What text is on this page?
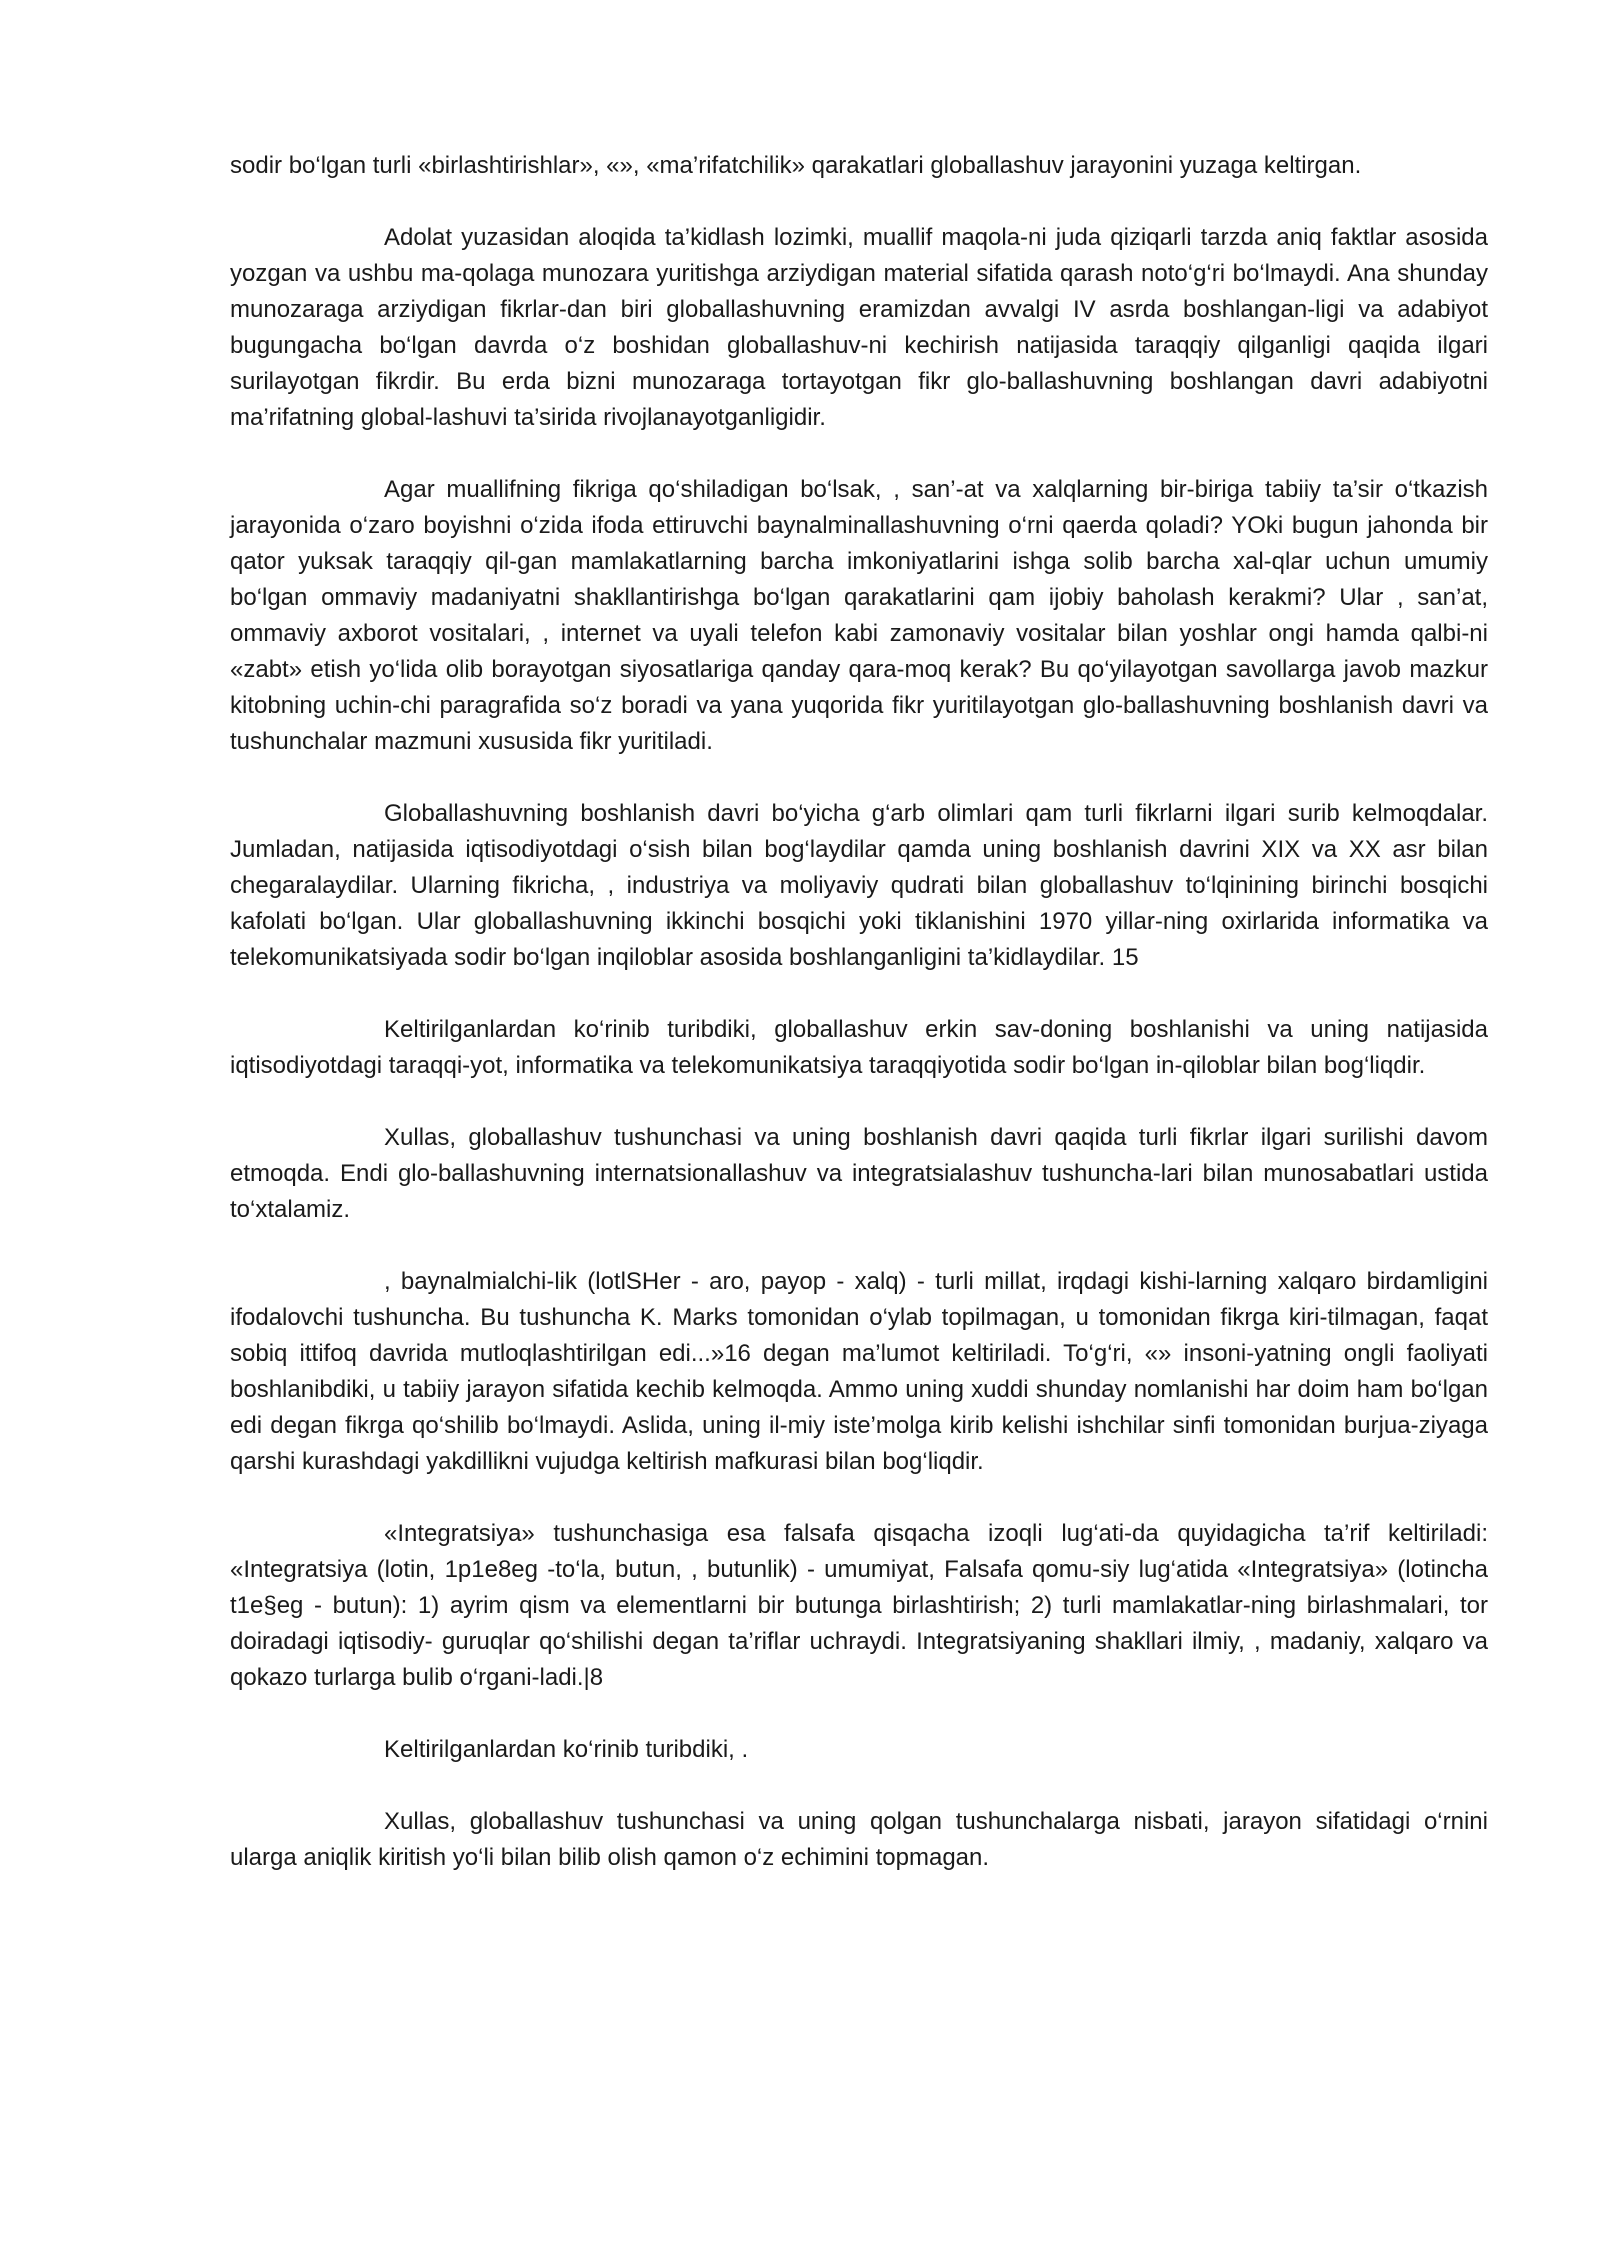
sodir bo‘lgan turli «birlashtirishlar», «», «ma’rifatchilik» qarakatlari globallashuv jarayonini yuzaga keltirgan.

Adolat yuzasidan aloqida ta’kidlash lozimki, muallif maqola-ni juda qiziqarli tarzda aniq faktlar asosida yozgan va ushbu ma-qolaga munozara yuritishga arziydigan material sifatida qarash noto‘g‘ri bo‘lmaydi. Ana shunday munozaraga arziydigan fikrlar-dan biri globallashuvning eramizdan avvalgi IV asrda boshlangan-ligi va adabiyot bugungacha bo‘lgan davrda o‘z boshidan globallashuv-ni kechirish natijasida taraqqiy qilganligi qaqida ilgari surilayotgan fikrdir. Bu erda bizni munozaraga tortayotgan fikr glo-ballashuvning boshlangan davri adabiyotni ma’rifatning global-lashuvi ta’sirida rivojlanayotganligidir.

Agar muallifning fikriga qo‘shiladigan bo‘lsak, , san’-at va xalqlarning bir-biriga tabiiy ta’sir o‘tkazish jarayonida o‘zaro boyishni o‘zida ifoda ettiruvchi baynalminallashuvning o‘rni qaerda qoladi? YOki bugun jahonda bir qator yuksak taraqqiy qil-gan mamlakatlarning barcha imkoniyatlarini ishga solib barcha xal-qlar uchun umumiy bo‘lgan ommaviy madaniyatni shakllantirishga bo‘lgan qarakatlarini qam ijobiy baholash kerakmi? Ular , san’at, ommaviy axborot vositalari, , internet va uyali telefon kabi zamonaviy vositalar bilan yoshlar ongi hamda qalbi-ni «zabt» etish yo‘lida olib borayotgan siyosatlariga qanday qara-moq kerak? Bu qo‘yilayotgan savollarga javob mazkur kitobning uchin-chi paragrafida so‘z boradi va yana yuqorida fikr yuritilayotgan glo-ballashuvning boshlanish davri va tushunchalar mazmuni xususida fikr yuritiladi.

Globallashuvning boshlanish davri bo‘yicha g‘arb olimlari qam turli fikrlarni ilgari surib kelmoqdalar. Jumladan, natijasida iqtisodiyotdagi o‘sish bilan bog‘laydilar qamda uning boshlanish davrini XIX va XX asr bilan chegaralaydilar. Ularning fikricha, , industriya va moliyaviy qudrati bilan globallashuv to‘lqinining birinchi bosqichi kafolati bo‘lgan. Ular globallashuvning ikkinchi bosqichi yoki tiklanishini 1970 yillar-ning oxirlarida informatika va telekomunikatsiyada sodir bo‘lgan inqiloblar asosida boshlanganligini ta’kidlaydilar. 15

Keltirilganlardan ko‘rinib turibdiki, globallashuv erkin sav-doning boshlanishi va uning natijasida iqtisodiyotdagi taraqqi-yot, informatika va telekomunikatsiya taraqqiyotida sodir bo‘lgan in-qiloblar bilan bog‘liqdir.

Xullas, globallashuv tushunchasi va uning boshlanish davri qaqida turli fikrlar ilgari surilishi davom etmoqda. Endi glo-ballashuvning internatsionallashuv va integratsialashuv tushuncha-lari bilan munosabatlari ustida to‘xtalamiz.

, baynalmialchi-lik (lotlSHer - aro, payop - xalq) - turli millat, irqdagi kishi-larning xalqaro birdamligini ifodalovchi tushuncha. Bu tushuncha K. Marks tomonidan o‘ylab topilmagan, u tomonidan fikrga kiri-tilmagan, faqat sobiq ittifoq davrida mutloqlashtirilgan edi...»16 degan ma’lumot keltiriladi. To‘g‘ri, «» insoni-yatning ongli faoliyati boshlanibdiki, u tabiiy jarayon sifatida kechib kelmoqda. Ammo uning xuddi shunday nomlanishi har doim ham bo‘lgan edi degan fikrga qo‘shilib bo‘lmaydi. Aslida, uning il-miy iste’molga kirib kelishi ishchilar sinfi tomonidan burjua-ziyaga qarshi kurashdagi yakdillikni vujudga keltirish mafkurasi bilan bog‘liqdir.

«Integratsiya» tushunchasiga esa falsafa qisqacha izoqli lug‘ati-da quyidagicha ta’rif keltiriladi: «Integratsiya (lotin, 1p1e8eg -to‘la, butun, , butunlik) - umumiyat, Falsafa qomu-siy lug‘atida «Integratsiya» (lotincha t1e§eg - butun): 1) ayrim qism va elementlarni bir butunga birlashtirish; 2) turli mamlakatlar-ning birlashmalari, tor doiradagi iqtisodiy- guruqlar qo‘shilishi degan ta’riflar uchraydi. Integratsiyaning shakllari ilmiy, , madaniy, xalqaro va qokazo turlarga bulib o‘rgani-ladi.|8

Keltirilganlardan ko‘rinib turibdiki, .

Xullas, globallashuv tushunchasi va uning qolgan tushunchalarga nisbati, jarayon sifatidagi o‘rnini ularga aniqlik kiritish yo‘li bilan bilib olish qamon o‘z echimini topmagan.
